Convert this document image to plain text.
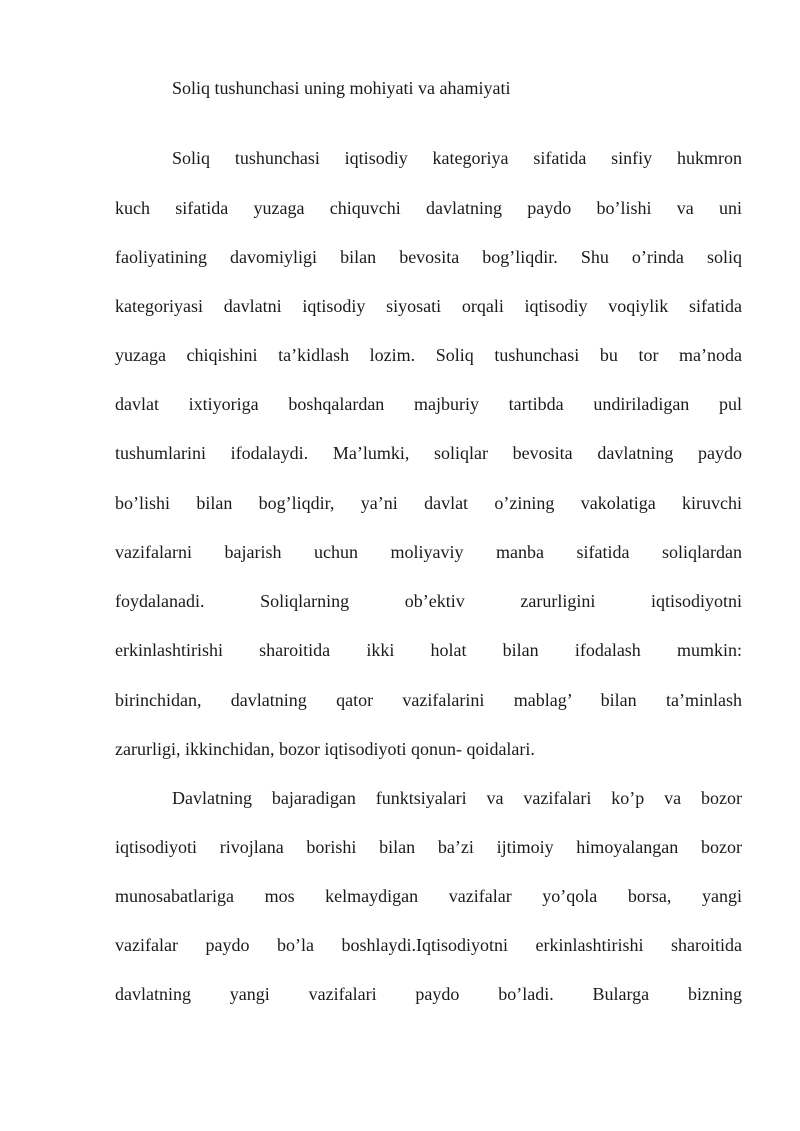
Soliq tushunchasi uning mohiyati va ahamiyati
Soliq tushunchasi iqtisodiy kategoriya sifatida sinfiy hukmron
kuch sifatida yuzaga chiquvchi davlatning paydo bo’lishi va uni
faoliyatining davomiyligi bilan bevosita bog’liqdir. Shu o’rinda soliq
kategoriyasi davlatni iqtisodiy siyosati orqali iqtisodiy voqiylik sifatida
yuzaga chiqishini ta’kidlash lozim. Soliq tushunchasi bu tor ma’noda
davlat ixtiyoriga boshqalardan majburiy tartibda undiriladigan pul
tushumlarini ifodalaydi. Ma’lumki, soliqlar bevosita davlatning paydo
bo’lishi bilan bog’liqdir, ya’ni davlat o’zining vakolatiga kiruvchi
vazifalarni bajarish uchun moliyaviy manba sifatida soliqlardan
foydalanadi. Soliqlarning ob’ektiv zarurligini iqtisodiyotni
erkinlashtirishi sharoitida ikki holat bilan ifodalash mumkin:
birinchidan, davlatning qator vazifalarini mablag’ bilan ta’minlash
zarurligi, ikkinchidan, bozor iqtisodiyoti qonun- qoidalari.
Davlatning bajaradigan funktsiyalari va vazifalari ko’p va bozor
iqtisodiyoti rivojlana borishi bilan ba’zi ijtimoiy himoyalangan bozor
munosabatlariga mos kelmaydigan vazifalar yo’qola borsa, yangi
vazifalar paydo bo’la boshlaydi.Iqtisodiyotni erkinlashtirishi sharoitida
davlatning yangi vazifalari paydo bo’ladi. Bularga bizning
